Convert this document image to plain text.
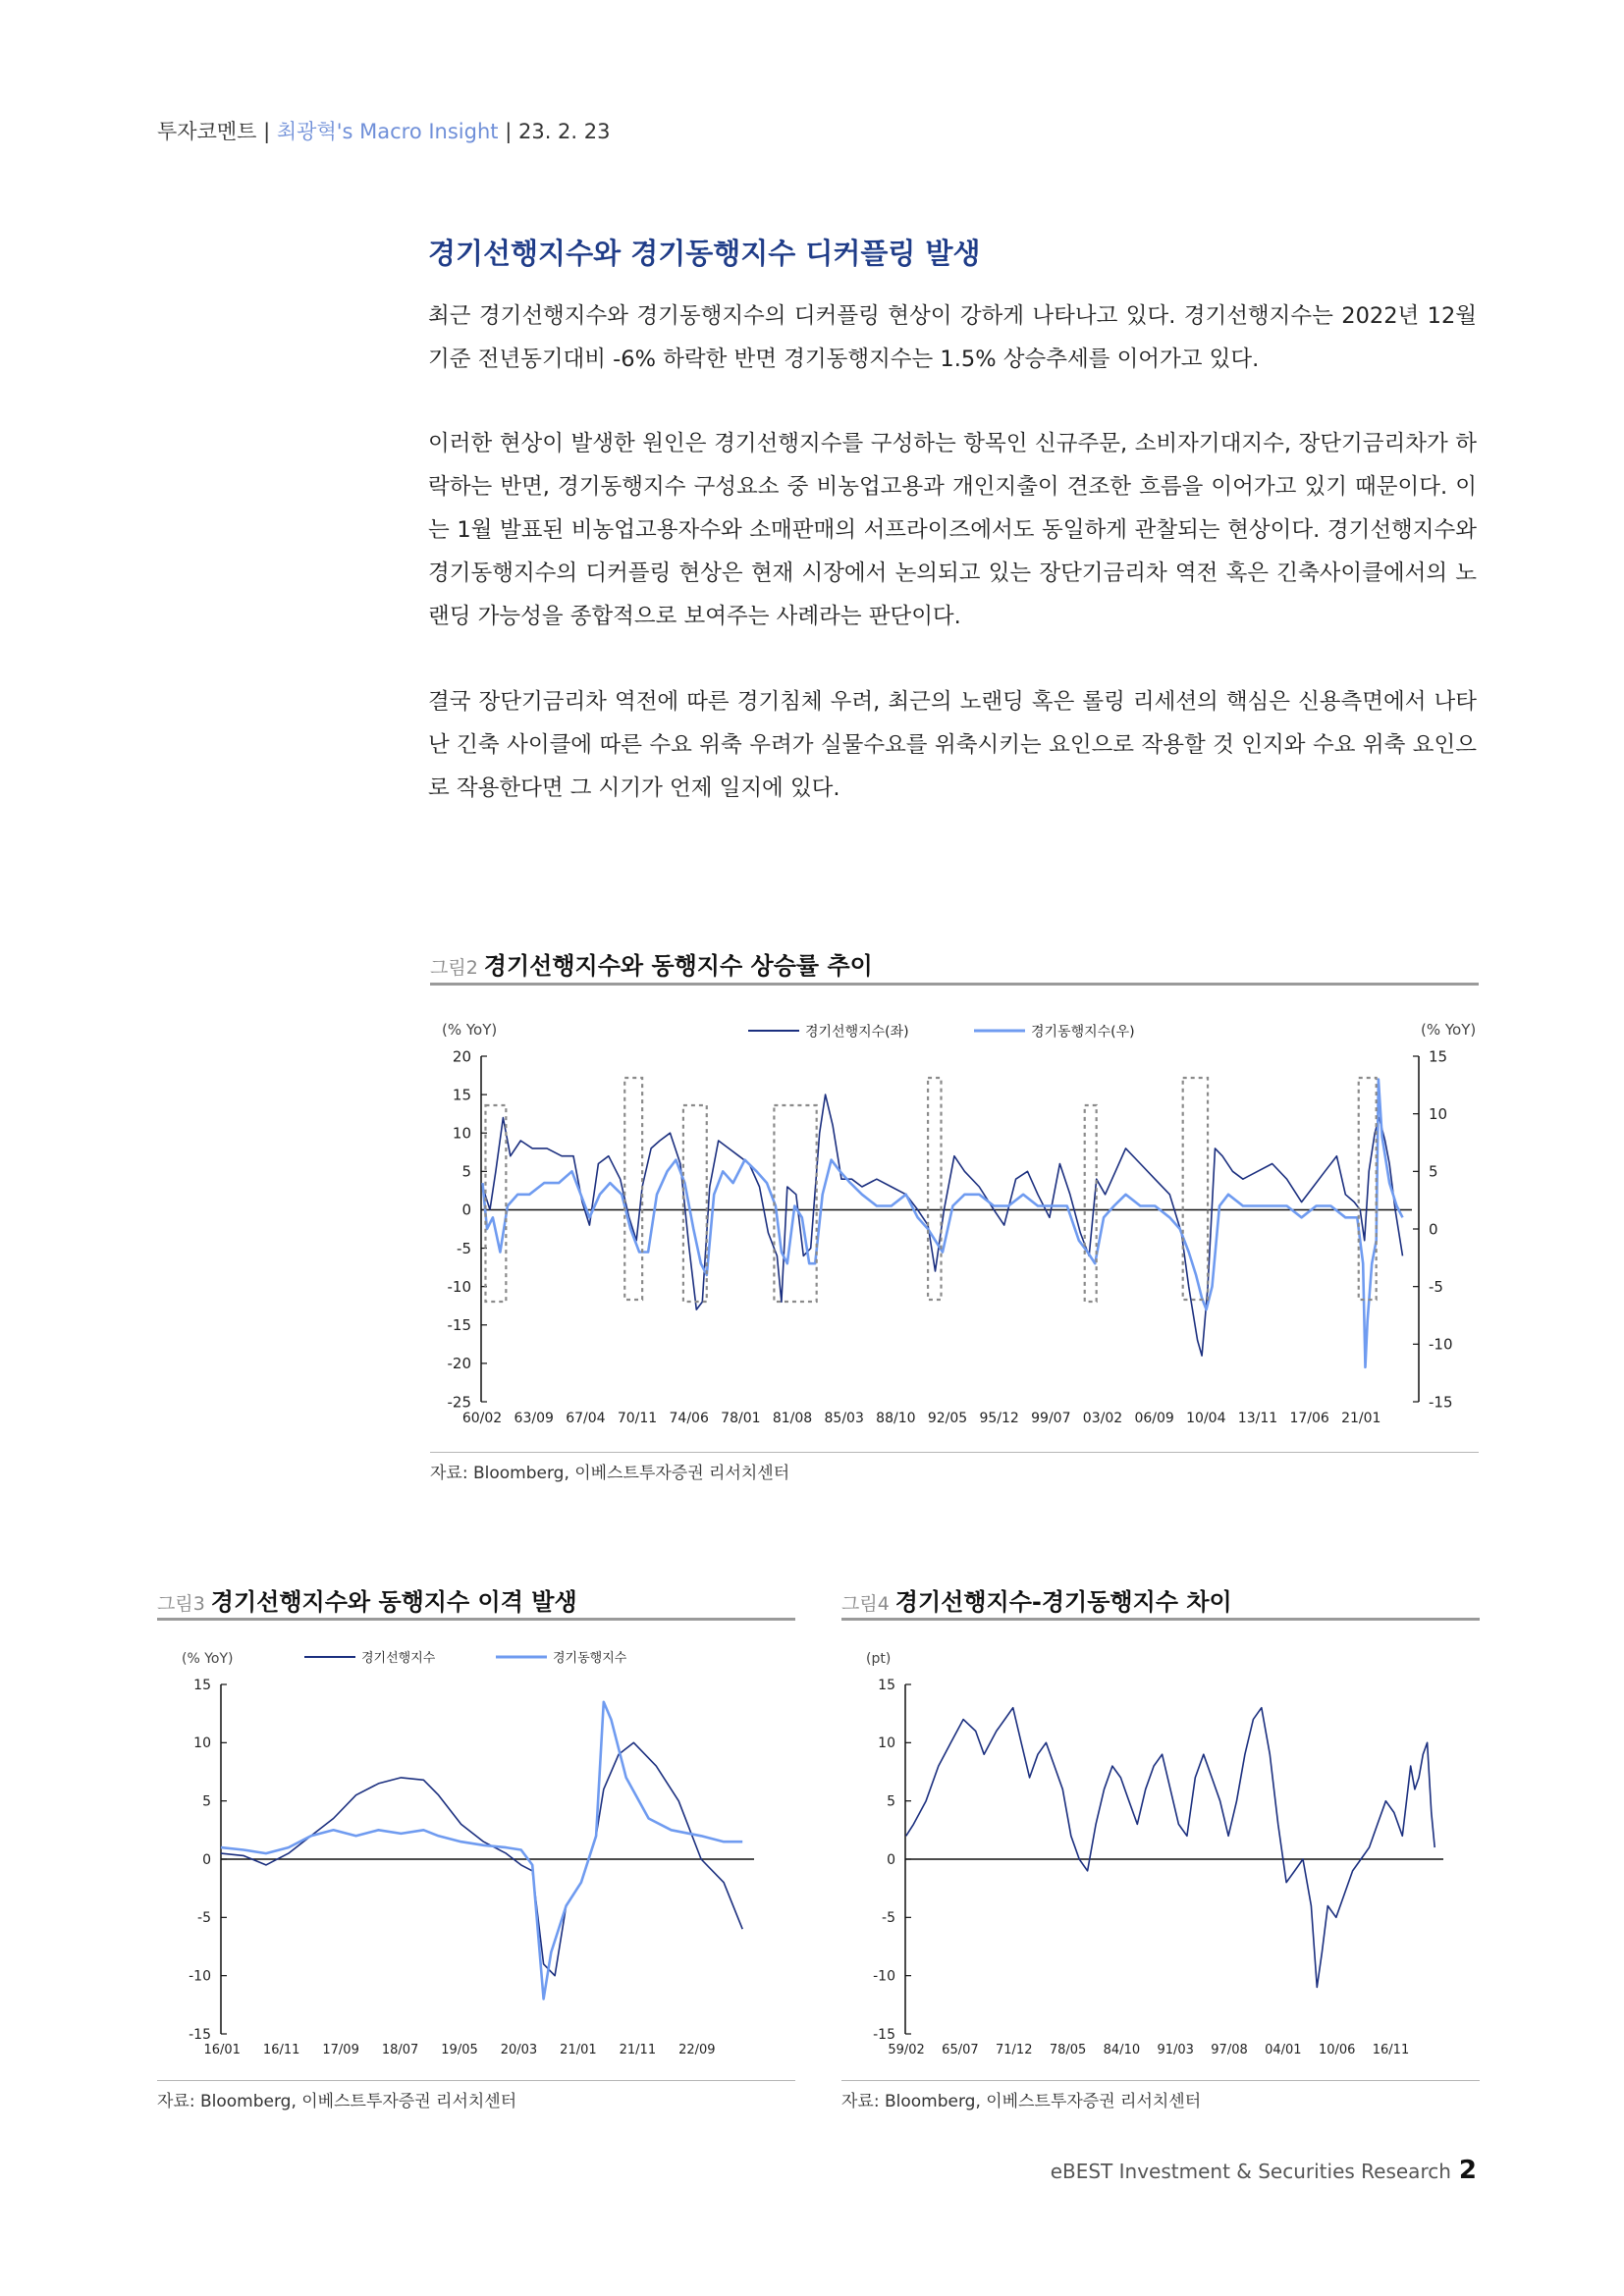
투자코멘트 | 최광혁's Macro Insight | 23. 2. 23
경기선행지수와 경기동행지수 디커플링 발생

최근 경기선행지수와 경기동행지수의 디커플링 현상이 강하게 나타나고 있다. 경기선행지수는 2022년 12월 기준 전년동기대비 -6% 하락한 반면 경기동행지수는 1.5% 상승추세를 이어가고 있다.

이러한 현상이 발생한 원인은 경기선행지수를 구성하는 항목인 신규주문, 소비자기대지수, 장단기금리차가 하락하는 반면, 경기동행지수 구성요소 중 비농업고용과 개인지출이 견조한 흐름을 이어가고 있기 때문이다. 이는 1월 발표된 비농업고용자수와 소매판매의 서프라이즈에서도 동일하게 관찰되는 현상이다. 경기선행지수와 경기동행지수의 디커플링 현상은 현재 시장에서 논의되고 있는 장단기금리차 역전 혹은 긴축사이클에서의 노랜딩 가능성을 종합적으로 보여주는 사례라는 판단이다.

결국 장단기금리차 역전에 따른 경기침체 우려, 최근의 노랜딩 혹은 롤링 리세션의 핵심은 신용측면에서 나타난 긴축 사이클에 따른 수요 위축 우려가 실물수요를 위축시키는 요인으로 작용할 것 인지와 수요 위축 요인으로 작용한다면 그 시기가 언제 일지에 있다.

그림2 경기선행지수와 동행지수 상승률 추이
20
15
10
5
0
-5
-10
-15
-20
-25
15
10
5
0
-5
-10
-15
60/02 63/09 67/04 70/11 74/06 78/01 81/08 85/03 88/10 92/05 95/12 99/07 03/02 06/09 10/04 13/11 17/06 21/01
(% YoY)	(% YoY)
경기선행지수(좌)	경기동행지수(우)
자료: Bloomberg, 이베스트투자증권 리서치센터
그림3 경기선행지수와 동행지수 이격 발생
15
10
5
0
-5
-10
-15
16/01 16/11 17/09 18/07 19/05 20/03 21/01 21/11 22/09
(% YoY)	경기선행지수	경기동행지수
자료: Bloomberg, 이베스트투자증권 리서치센터
그림4 경기선행지수-경기동행지수 차이
15
10
5
0
-5
-10
-15
59/02 65/07 71/12 78/05 84/10 91/03 97/08 04/01 10/06 16/11
(pt)
자료: Bloomberg, 이베스트투자증권 리서치센터
eBEST Investment & Securities Research 2
